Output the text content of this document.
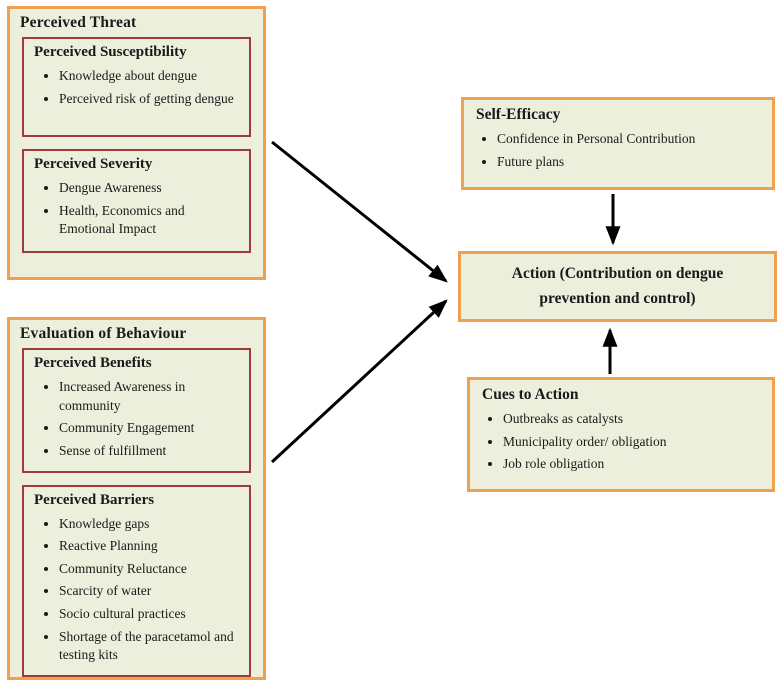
Perceived Threat
Perceived Susceptibility
• Knowledge about dengue
• Perceived risk of getting dengue
Perceived Severity
• Dengue Awareness
• Health, Economics and Emotional Impact
Evaluation of Behaviour
Perceived Benefits
• Increased Awareness in community
• Community Engagement
• Sense of fulfillment
Perceived Barriers
• Knowledge gaps
• Reactive Planning
• Community Reluctance
• Scarcity of water
• Socio cultural practices
• Shortage of the paracetamol and testing kits
Self-Efficacy
• Confidence in Personal Contribution
• Future plans
Action (Contribution on dengue prevention and control)
Cues to Action
• Outbreaks as catalysts
• Municipality order/ obligation
• Job role obligation
